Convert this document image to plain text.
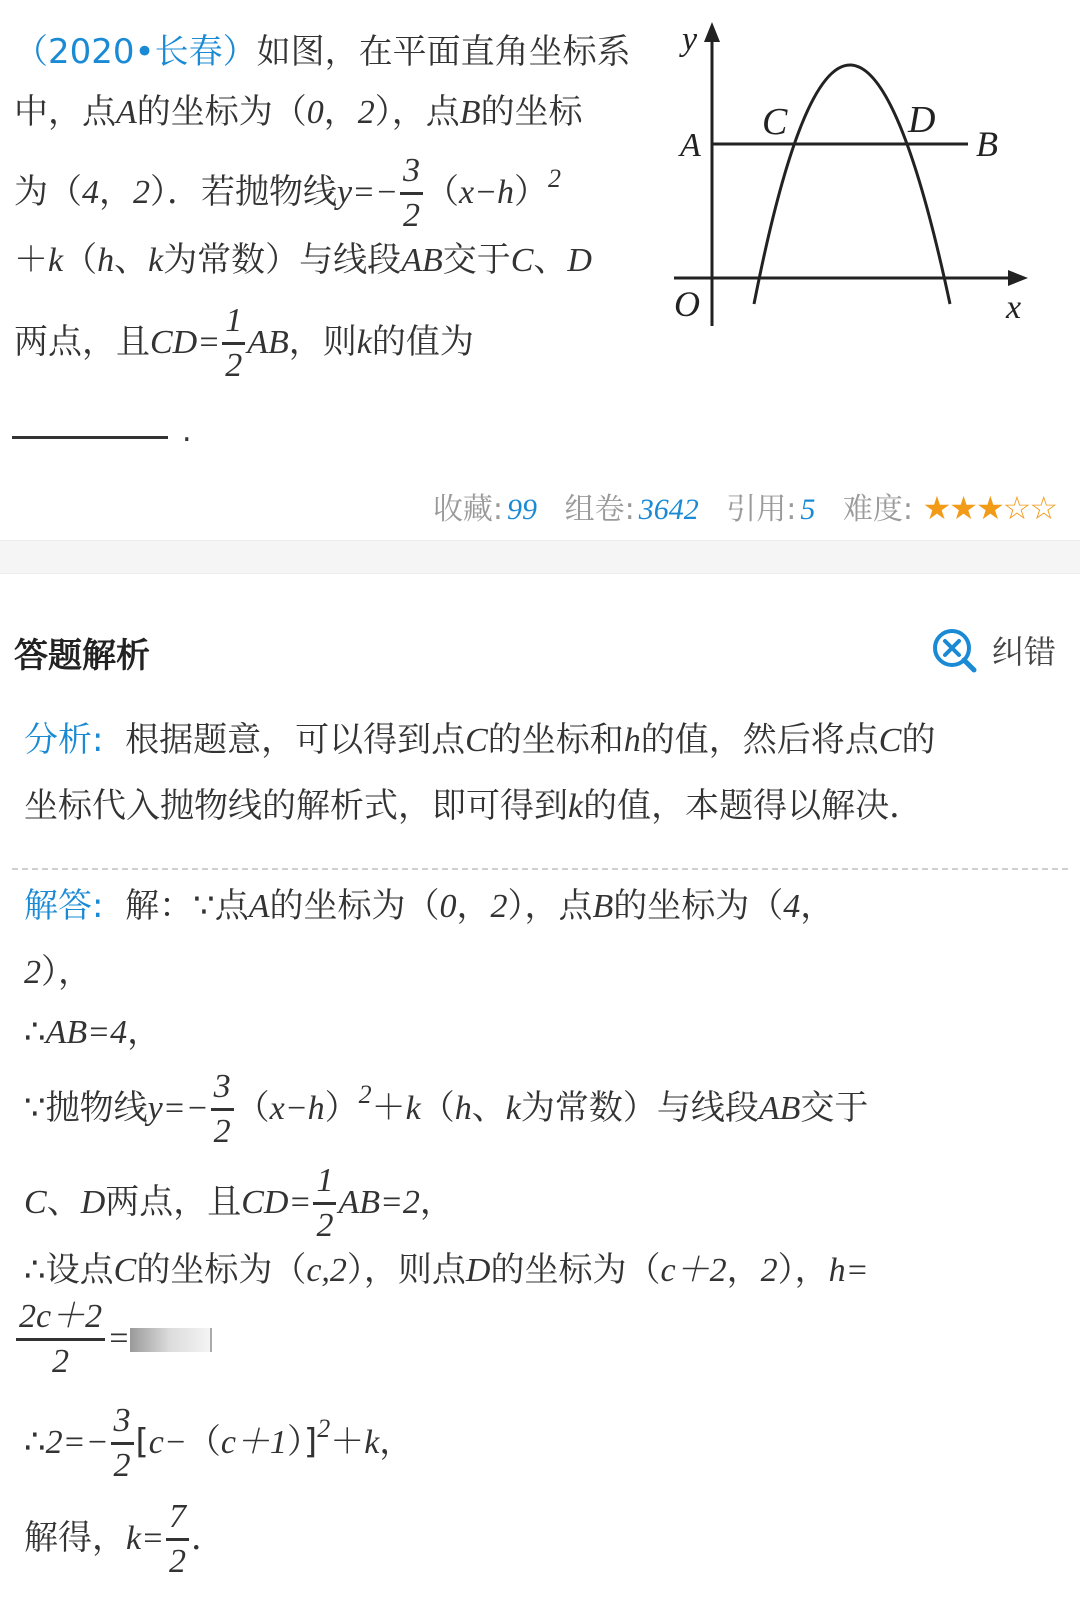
（2020•长春）如图，在平面直角坐标系
中，点A的坐标为（0，2），点B的坐标
为（4，2）．若抛物线$y=- \frac{3}{2} (x-h)^2$
＋k（h、k为常数）与线段AB交于C、D
两点，且$CD= \frac{1}{2}$ AB，则k的值为
.
y
x
O
A	B
C	D
收藏: 99 组卷: 3642 引用: 5 难度: ★★★☆☆
答题解析	纠错
分析: 根据题意，可以得到点C的坐标和h的值，然后将点C的
坐标代入抛物线的解析式，即可得到k的值，本题得以解决．
解答: 解：∵点A的坐标为（0，2），点B的坐标为（4，
2），
∴AB=4，
∵抛物线$y=- \frac{3}{2} (x-h)^2+k(h$、k为常数）与线段AB交于
C、D两点，且$CD= \frac{1}{2} AB=2$，
∴设点C的坐标为（c,2），则点D的坐标为（c＋2，2），h=
$\frac{2c+2}{2}$ =
∴2=− $\frac{3}{2} [c-(c+1)]^2+k$，
解得，$k= \frac{7}{2}$ ．
